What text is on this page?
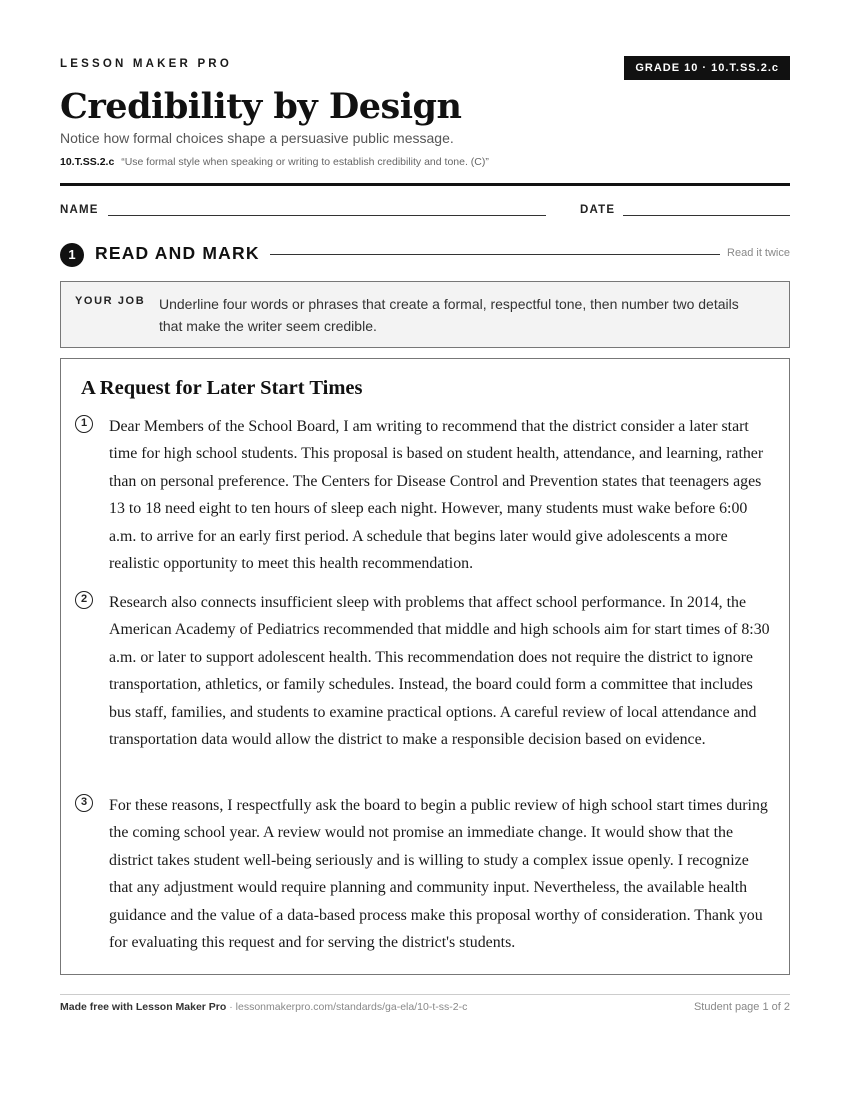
LESSON MAKER PRO	GRADE 10 · 10.T.SS.2.c
Credibility by Design
Notice how formal choices shape a persuasive public message.
10.T.SS.2.c “Use formal style when speaking or writing to establish credibility and tone. (C)”
NAME	DATE
1	READ AND MARK	Read it twice
YOUR JOB Underline four words or phrases that create a formal, respectful tone, then number two details that make the writer seem credible.
A Request for Later Start Times
1	Dear Members of the School Board, I am writing to recommend that the district consider a later start time for high school students. This proposal is based on student health, attendance, and learning, rather than on personal preference. The Centers for Disease Control and Prevention states that teenagers ages 13 to 18 need eight to ten hours of sleep each night. However, many students must wake before 6:00 a.m. to arrive for an early first period. A schedule that begins later would give adolescents a more realistic opportunity to meet this health recommendation.

2	Research also connects insufficient sleep with problems that affect school performance. In 2014, the American Academy of Pediatrics recommended that middle and high schools aim for start times of 8:30 a.m. or later to support adolescent health. This recommendation does not require the district to ignore transportation, athletics, or family schedules. Instead, the board could form a committee that includes bus staff, families, and students to examine practical options. A careful review of local attendance and transportation data would allow the district to make a responsible decision based on evidence.

3	For these reasons, I respectfully ask the board to begin a public review of high school start times during the coming school year. A review would not promise an immediate change. It would show that the district takes student well-being seriously and is willing to study a complex issue openly. I recognize that any adjustment would require planning and community input. Nevertheless, the available health guidance and the value of a data-based process make this proposal worthy of consideration. Thank you for evaluating this request and for serving the district's students.

Made free with Lesson Maker Pro · lessonmakerpro.com/standards/ga-ela/10-t-ss-2-c	Student page 1 of 2
